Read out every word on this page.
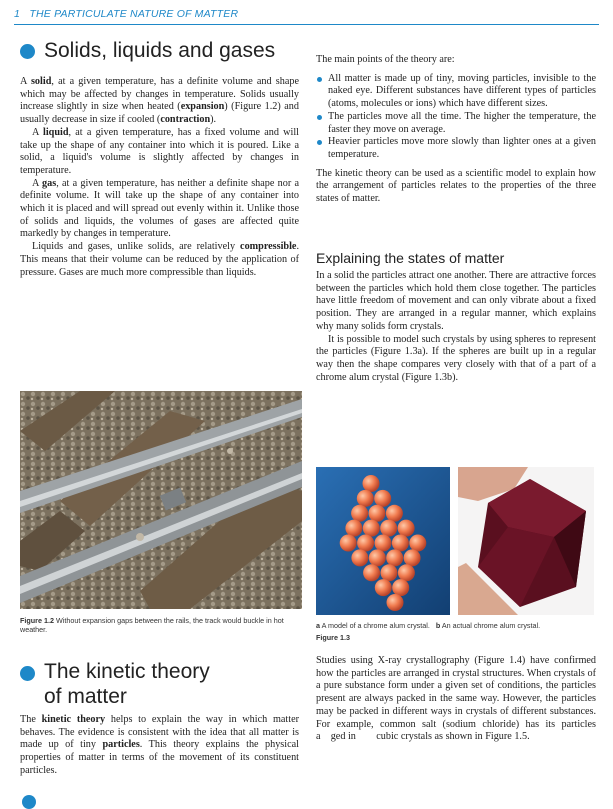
1 THE PARTICULATE NATURE OF MATTER
Solids, liquids and gases

A solid, at a given temperature, has a definite volume and shape which may be affected by changes in temperature. Solids usually increase slightly in size when heated (expansion) (Figure 1.2) and usually decrease in size if cooled (contraction).

A liquid, at a given temperature, has a fixed volume and will take up the shape of any container into which it is poured. Like a solid, a liquid's volume is slightly affected by changes in temperature.

A gas, at a given temperature, has neither a definite shape nor a definite volume. It will take up the shape of any container into which it is placed and will spread out evenly within it. Unlike those of solids and liquids, the volumes of gases are affected quite markedly by changes in temperature.

Liquids and gases, unlike solids, are relatively compressible. This means that their volume can be reduced by the application of pressure. Gases are much more compressible than liquids.

Figure 1.2 Without expansion gaps between the rails, the track would buckle in hot weather.
The kinetic theory
of matter

The kinetic theory helps to explain the way in which matter behaves. The evidence is consistent with the idea that all matter is made up of tiny particles. This theory explains the physical properties of matter in terms of the movement of its constituent particles.

The main points of the theory are:

All matter is made up of tiny, moving particles, invisible to the naked eye. Different substances have different types of particles (atoms, molecules or ions) which have different sizes.
The particles move all the time. The higher the temperature, the faster they move on average.
Heavier particles move more slowly than lighter ones at a given temperature.

The kinetic theory can be used as a scientific model to explain how the arrangement of particles relates to the properties of the three states of matter.

Explaining the states of matter

In a solid the particles attract one another. There are attractive forces between the particles which hold them close together. The particles have little freedom of movement and can only vibrate about a fixed position. They are arranged in a regular manner, which explains why many solids form crystals.

It is possible to model such crystals by using spheres to represent the particles (Figure 1.3a). If the spheres are built up in a regular way then the shape compares very closely with that of a part of a chrome alum crystal (Figure 1.3b).

a A model of a chrome alum crystal. b An actual chrome alum crystal.
Figure 1.3

Studies using X-ray crystallography (Figure 1.4) have confirmed how the particles are arranged in crystal structures. When crystals of a pure substance form under a given set of conditions, the particles present are always packed in the same way. However, the particles may be packed in different ways in crystals of different substances. For example, common salt (sodium chloride) has its particles a    ged in        cubic crystals as shown in Figure 1.5.
